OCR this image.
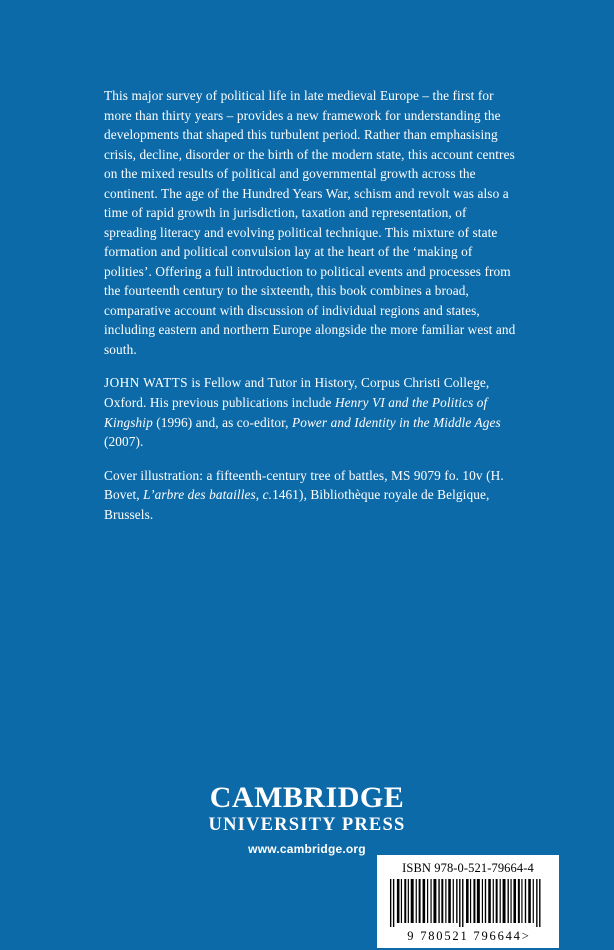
This major survey of political life in late medieval Europe – the first for more than thirty years – provides a new framework for understanding the developments that shaped this turbulent period. Rather than emphasising crisis, decline, disorder or the birth of the modern state, this account centres on the mixed results of political and governmental growth across the continent. The age of the Hundred Years War, schism and revolt was also a time of rapid growth in jurisdiction, taxation and representation, of spreading literacy and evolving political technique. This mixture of state formation and political convulsion lay at the heart of the ‘making of polities’. Offering a full introduction to political events and processes from the fourteenth century to the sixteenth, this book combines a broad, comparative account with discussion of individual regions and states, including eastern and northern Europe alongside the more familiar west and south.

JOHN WATTS is Fellow and Tutor in History, Corpus Christi College, Oxford. His previous publications include Henry VI and the Politics of Kingship (1996) and, as co-editor, Power and Identity in the Middle Ages (2007).

Cover illustration: a fifteenth-century tree of battles, MS 9079 fo. 10v (H. Bovet, L’arbre des batailles, c.1461), Bibliothèque royale de Belgique, Brussels.

CAMBRIDGE
UNIVERSITY PRESS
www.cambridge.org
ISBN 978-0-521-79664-4
9 780521 796644>
